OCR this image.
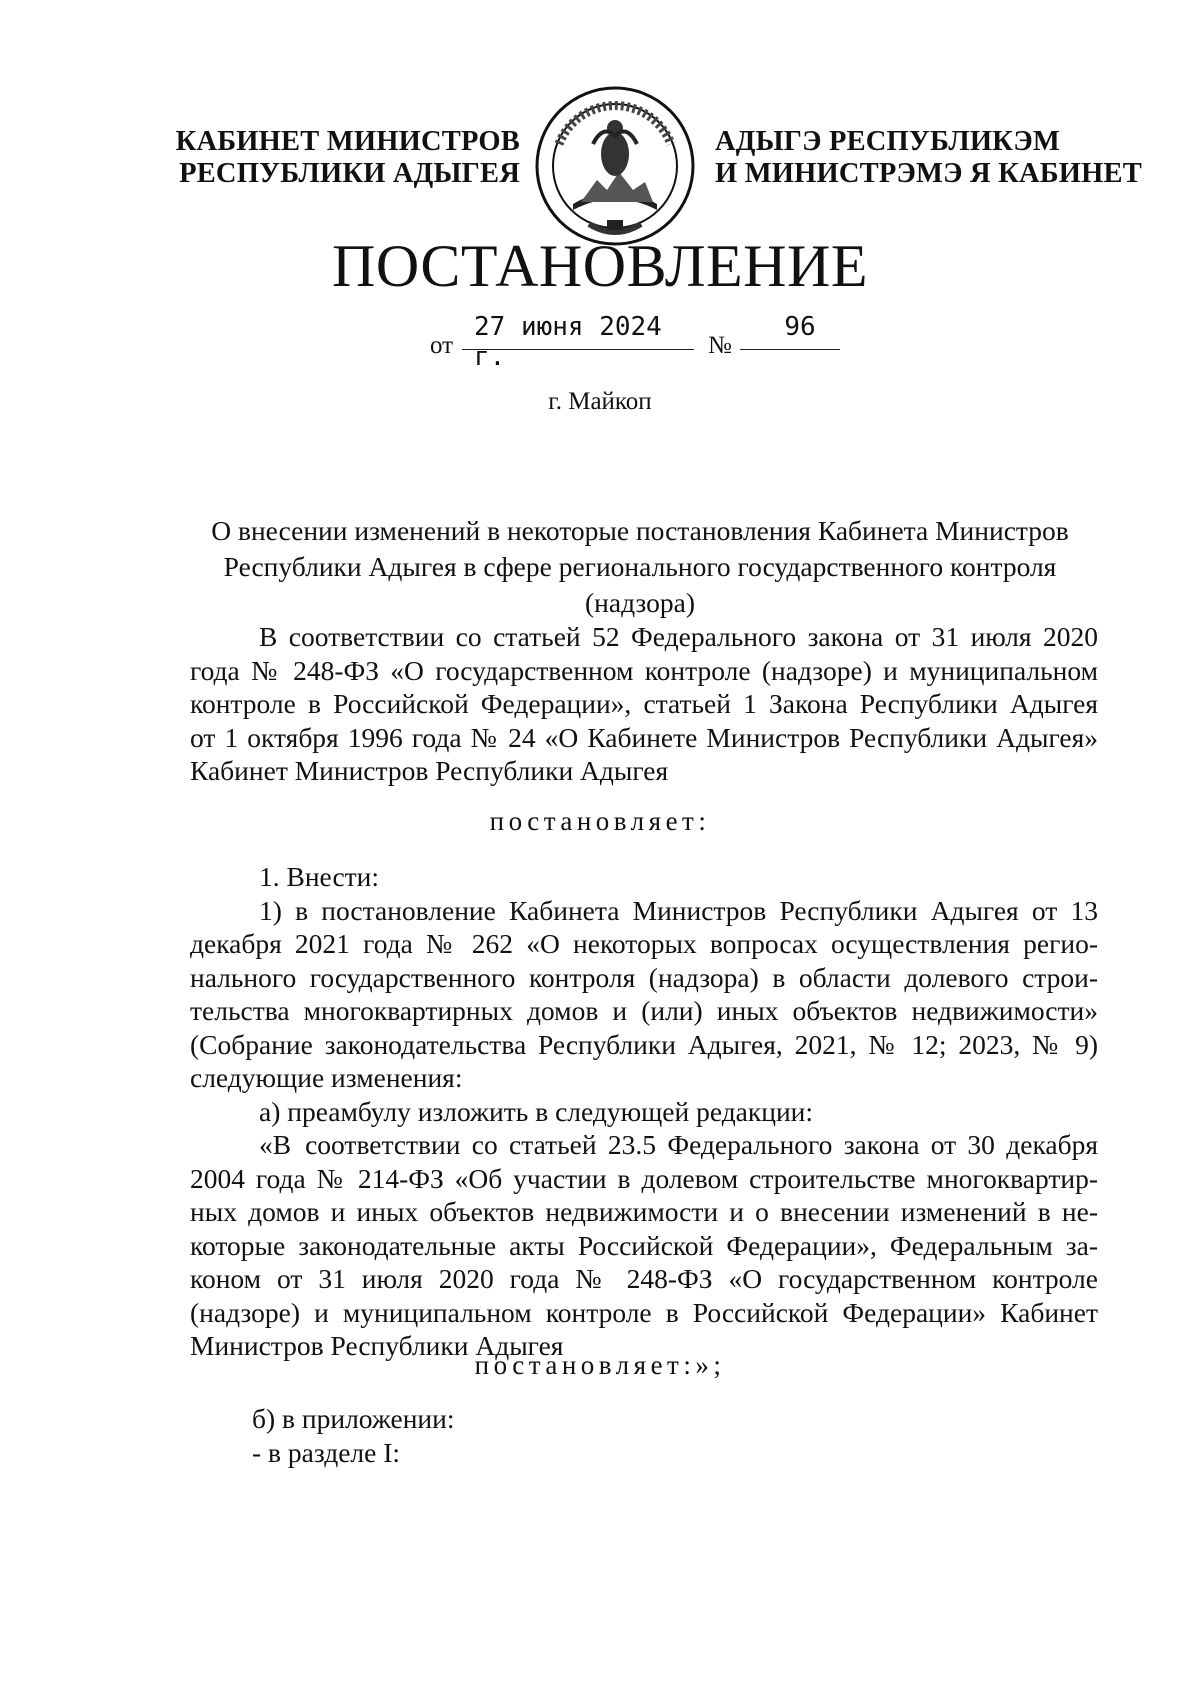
КАБИНЕТ МИНИСТРОВ
РЕСПУБЛИКИ АДЫГЕЯ
АДЫГЭ РЕСПУБЛИКЭМ
И МИНИСТРЭМЭ Я КАБИНЕТ
ПОСТАНОВЛЕНИЕ
от
27 июня 2024 г.	№
96
г. Майкоп
О внесении изменений в некоторые постановления Кабинета Министров
Республики Адыгея в сфере регионального государственного контроля
(надзора)
В соответствии со статьей 52 Федерального закона от 31 июля 2020
года № 248-ФЗ «О государственном контроле (надзоре) и муниципальном
контроле в Российской Федерации», статьей 1 Закона Республики Адыгея
от 1 октября 1996 года № 24 «О Кабинете Министров Республики Адыгея»
Кабинет Министров Республики Адыгея
постановляет:
1. Внести:
1) в постановление Кабинета Министров Республики Адыгея от 13
декабря 2021 года № 262 «О некоторых вопросах осуществления регио-
нального государственного контроля (надзора) в области долевого строи-
тельства многоквартирных домов и (или) иных объектов недвижимости»
(Собрание законодательства Республики Адыгея, 2021, № 12; 2023, № 9)
следующие изменения:
а) преамбулу изложить в следующей редакции:
«В соответствии со статьей 23.5 Федерального закона от 30 декабря
2004 года № 214-ФЗ «Об участии в долевом строительстве многоквартир-
ных домов и иных объектов недвижимости и о внесении изменений в не-
которые законодательные акты Российской Федерации», Федеральным за-
коном от 31 июля 2020 года № 248-ФЗ «О государственном контроле
(надзоре) и муниципальном контроле в Российской Федерации» Кабинет
Министров Республики Адыгея
постановляет:»;
б) в приложении:
- в разделе I:
